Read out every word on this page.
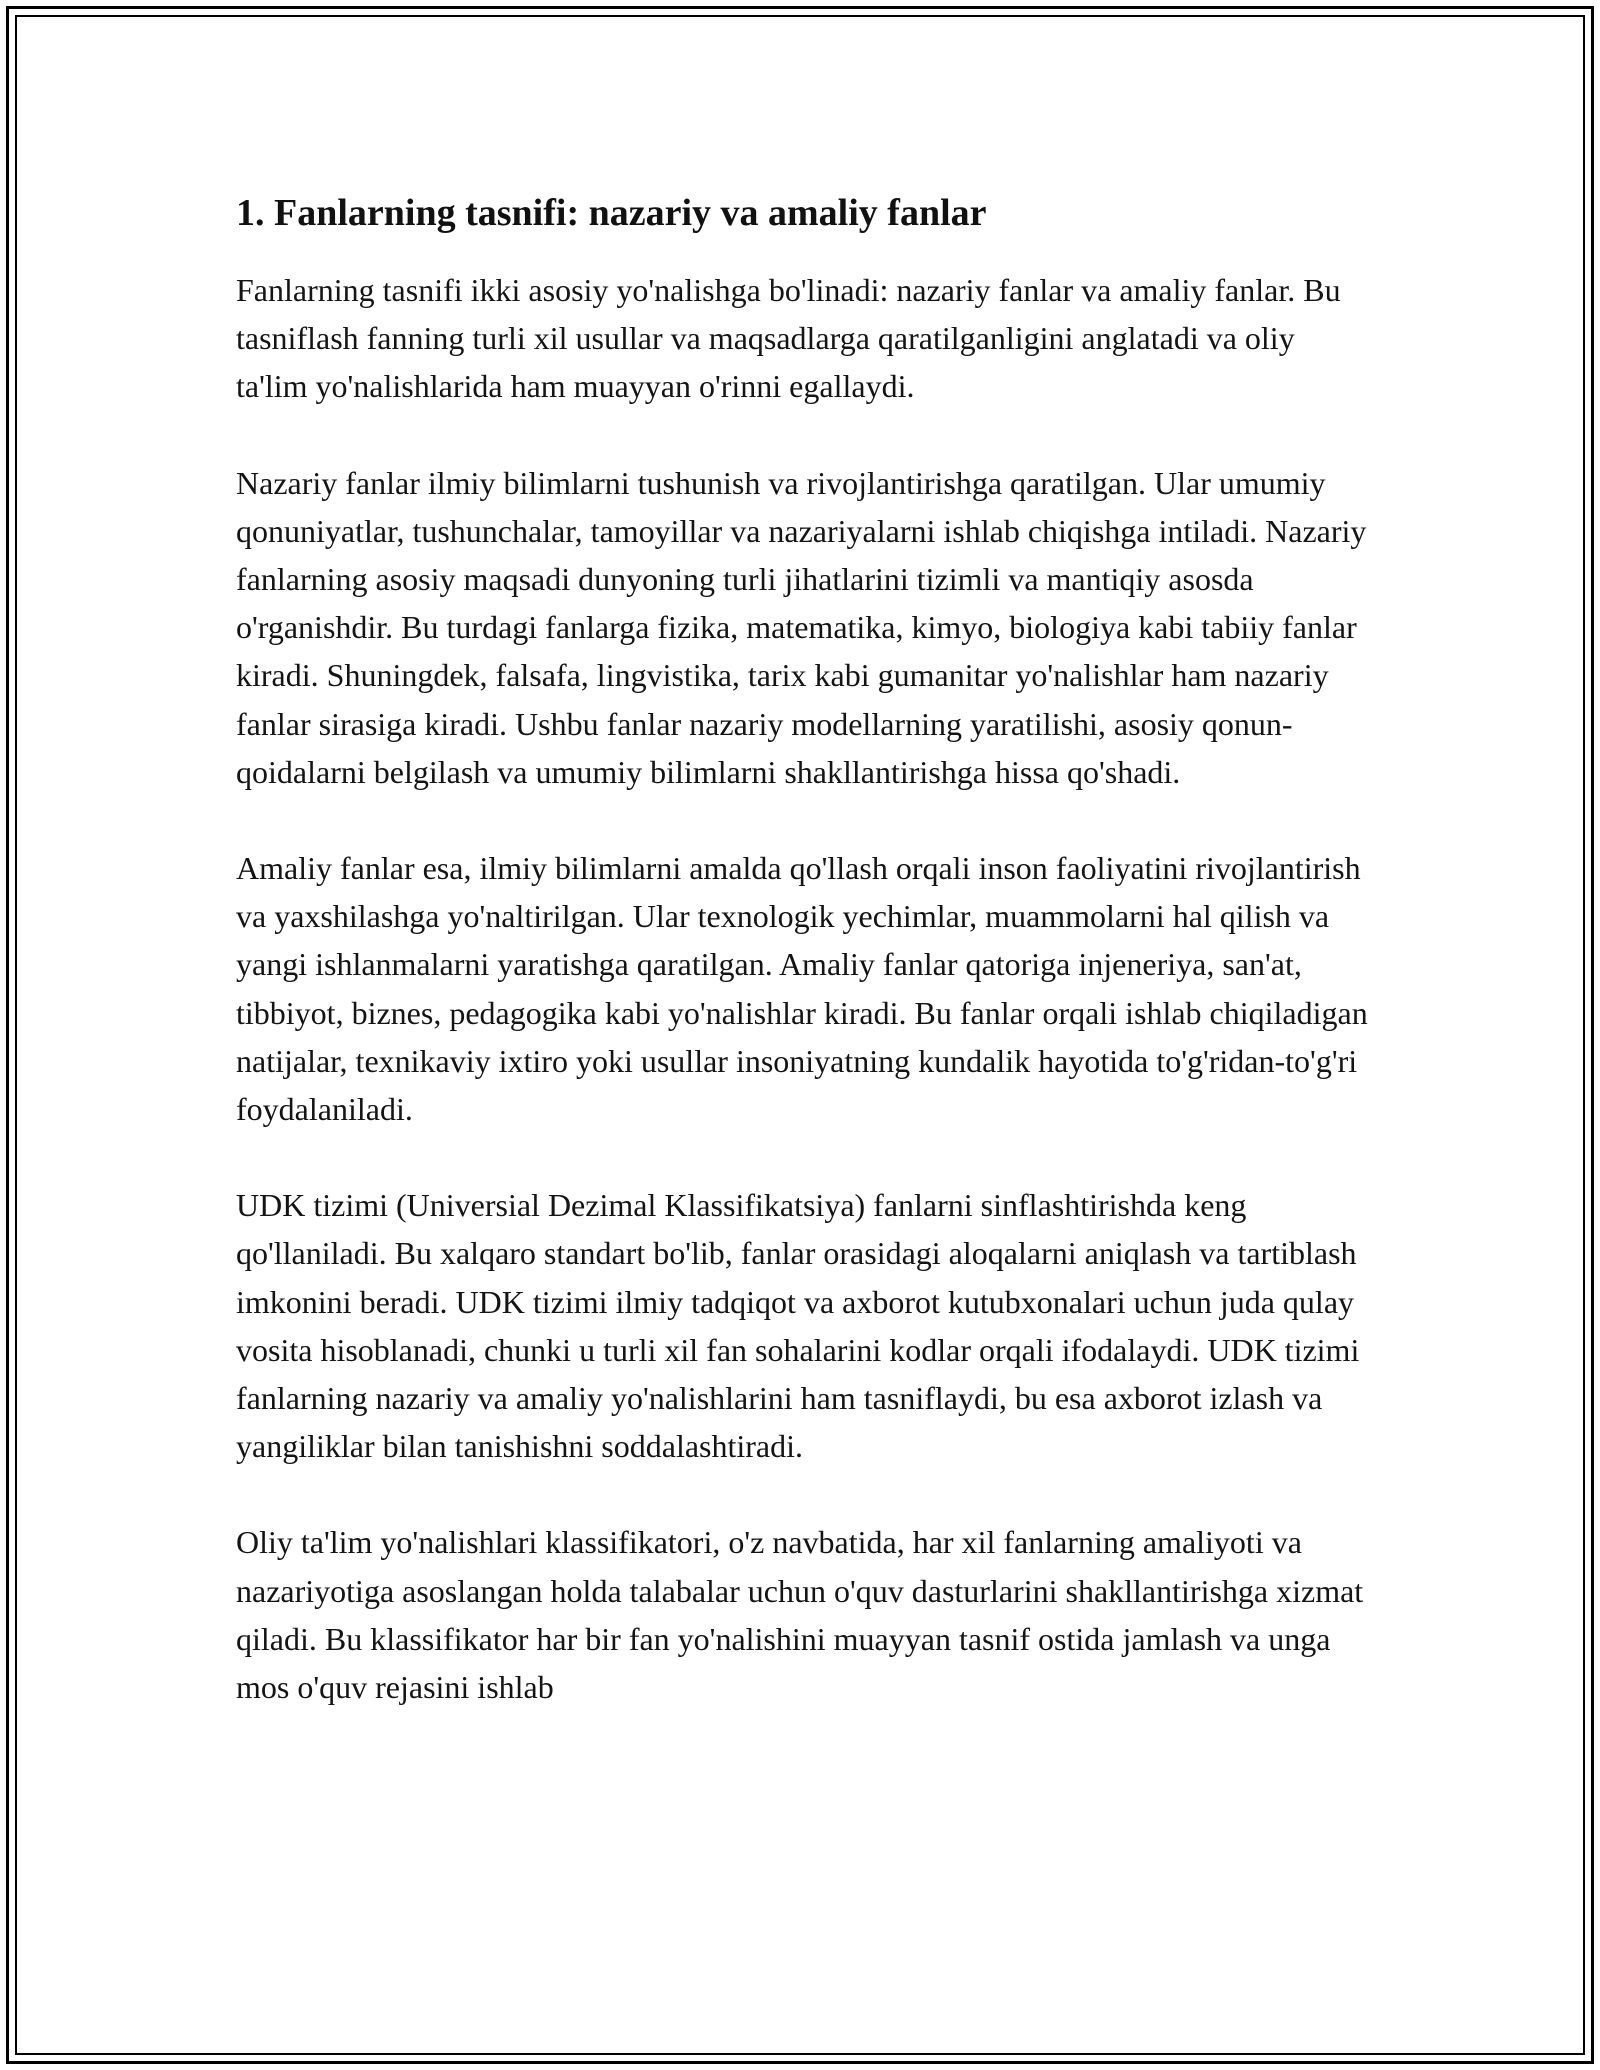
1. Fanlarning tasnifi: nazariy va amaliy fanlar

Fanlarning tasnifi ikki asosiy yo'nalishga bo'linadi: nazariy fanlar va amaliy fanlar. Bu tasniflash fanning turli xil usullar va maqsadlarga qaratilganligini anglatadi va oliy ta'lim yo'nalishlarida ham muayyan o'rinni egallaydi.

Nazariy fanlar ilmiy bilimlarni tushunish va rivojlantirishga qaratilgan. Ular umumiy qonuniyatlar, tushunchalar, tamoyillar va nazariyalarni ishlab chiqishga intiladi. Nazariy fanlarning asosiy maqsadi dunyoning turli jihatlarini tizimli va mantiqiy asosda o'rganishdir. Bu turdagi fanlarga fizika, matematika, kimyo, biologiya kabi tabiiy fanlar kiradi. Shuningdek, falsafa, lingvistika, tarix kabi gumanitar yo'nalishlar ham nazariy fanlar sirasiga kiradi. Ushbu fanlar nazariy modellarning yaratilishi, asosiy qonun-qoidalarni belgilash va umumiy bilimlarni shakllantirishga hissa qo'shadi.

Amaliy fanlar esa, ilmiy bilimlarni amalda qo'llash orqali inson faoliyatini rivojlantirish va yaxshilashga yo'naltirilgan. Ular texnologik yechimlar, muammolarni hal qilish va yangi ishlanmalarni yaratishga qaratilgan. Amaliy fanlar qatoriga injeneriya, san'at, tibbiyot, biznes, pedagogika kabi yo'nalishlar kiradi. Bu fanlar orqali ishlab chiqiladigan natijalar, texnikaviy ixtiro yoki usullar insoniyatning kundalik hayotida to'g'ridan-to'g'ri foydalaniladi.

UDK tizimi (Universial Dezimal Klassifikatsiya) fanlarni sinflashtirishda keng qo'llaniladi. Bu xalqaro standart bo'lib, fanlar orasidagi aloqalarni aniqlash va tartiblash imkonini beradi. UDK tizimi ilmiy tadqiqot va axborot kutubxonalari uchun juda qulay vosita hisoblanadi, chunki u turli xil fan sohalarini kodlar orqali ifodalaydi. UDK tizimi fanlarning nazariy va amaliy yo'nalishlarini ham tasniflaydi, bu esa axborot izlash va yangiliklar bilan tanishishni soddalashtiradi.

Oliy ta'lim yo'nalishlari klassifikatori, o'z navbatida, har xil fanlarning amaliyoti va nazariyotiga asoslangan holda talabalar uchun o'quv dasturlarini shakllantirishga xizmat qiladi. Bu klassifikator har bir fan yo'nalishini muayyan tasnif ostida jamlash va unga mos o'quv rejasini ishlab
